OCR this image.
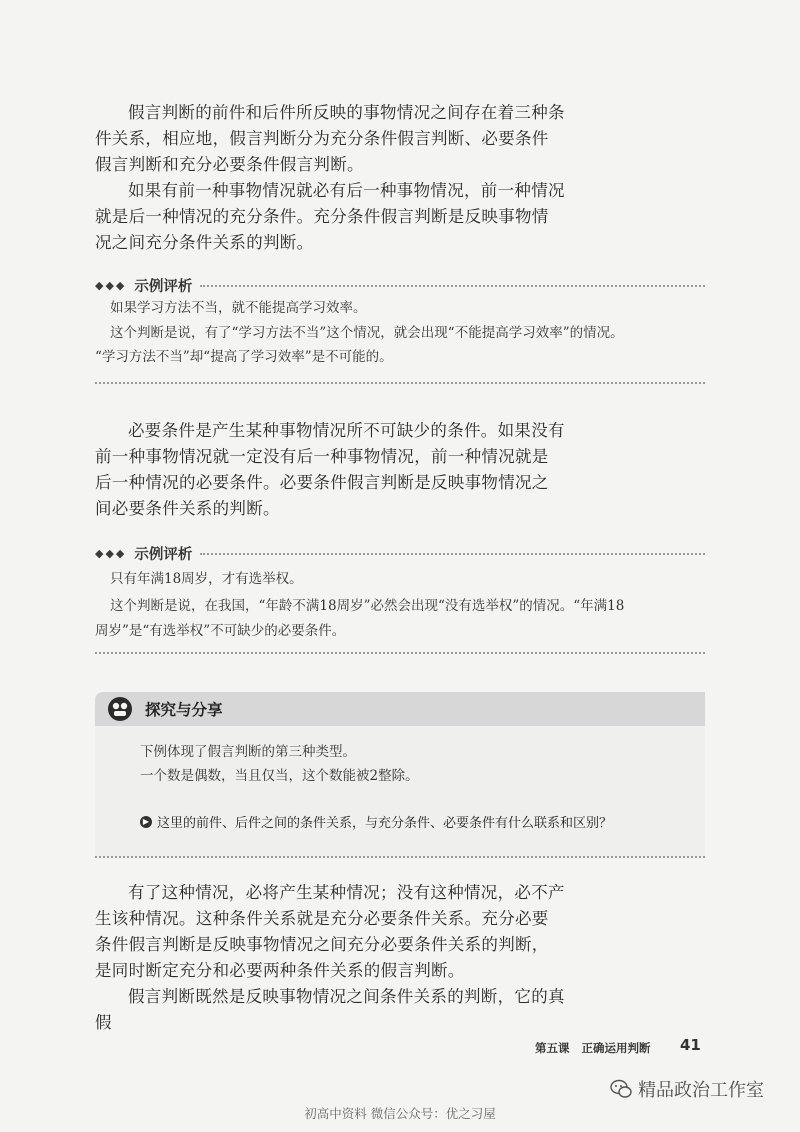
假言判断的前件和后件所反映的事物情况之间存在着三种条件关系，相应地，假言判断分为充分条件假言判断、必要条件假言判断和充分必要条件假言判断。

如果有前一种事物情况就必有后一种事物情况，前一种情况就是后一种情况的充分条件。充分条件假言判断是反映事物情况之间充分条件关系的判断。

◆◆◆ 示例评析

如果学习方法不当，就不能提高学习效率。

这个判断是说，有了“学习方法不当”这个情况，就会出现“不能提高学习效率”的情况。

“学习方法不当”却“提高了学习效率”是不可能的。

必要条件是产生某种事物情况所不可缺少的条件。如果没有前一种事物情况就一定没有后一种事物情况，前一种情况就是后一种情况的必要条件。必要条件假言判断是反映事物情况之间必要条件关系的判断。

◆◆◆ 示例评析

只有年满18周岁，才有选举权。

这个判断是说，在我国，“年龄不满18周岁”必然会出现“没有选举权”的情况。“年满18

周岁”是“有选举权”不可缺少的必要条件。

探究与分享

下例体现了假言判断的第三种类型。

一个数是偶数，当且仅当，这个数能被2整除。

▶ 这里的前件、后件之间的条件关系，与充分条件、必要条件有什么联系和区别？

有了这种情况，必将产生某种情况；没有这种情况，必不产生该种情况。这种条件关系就是充分必要条件关系。充分必要条件假言判断是反映事物情况之间充分必要条件关系的判断，是同时断定充分和必要两种条件关系的假言判断。

假言判断既然是反映事物情况之间条件关系的判断，它的真假

第五课 正确运用判断 41
精品政治工作室
初高中资料 微信公众号：优之习屋
